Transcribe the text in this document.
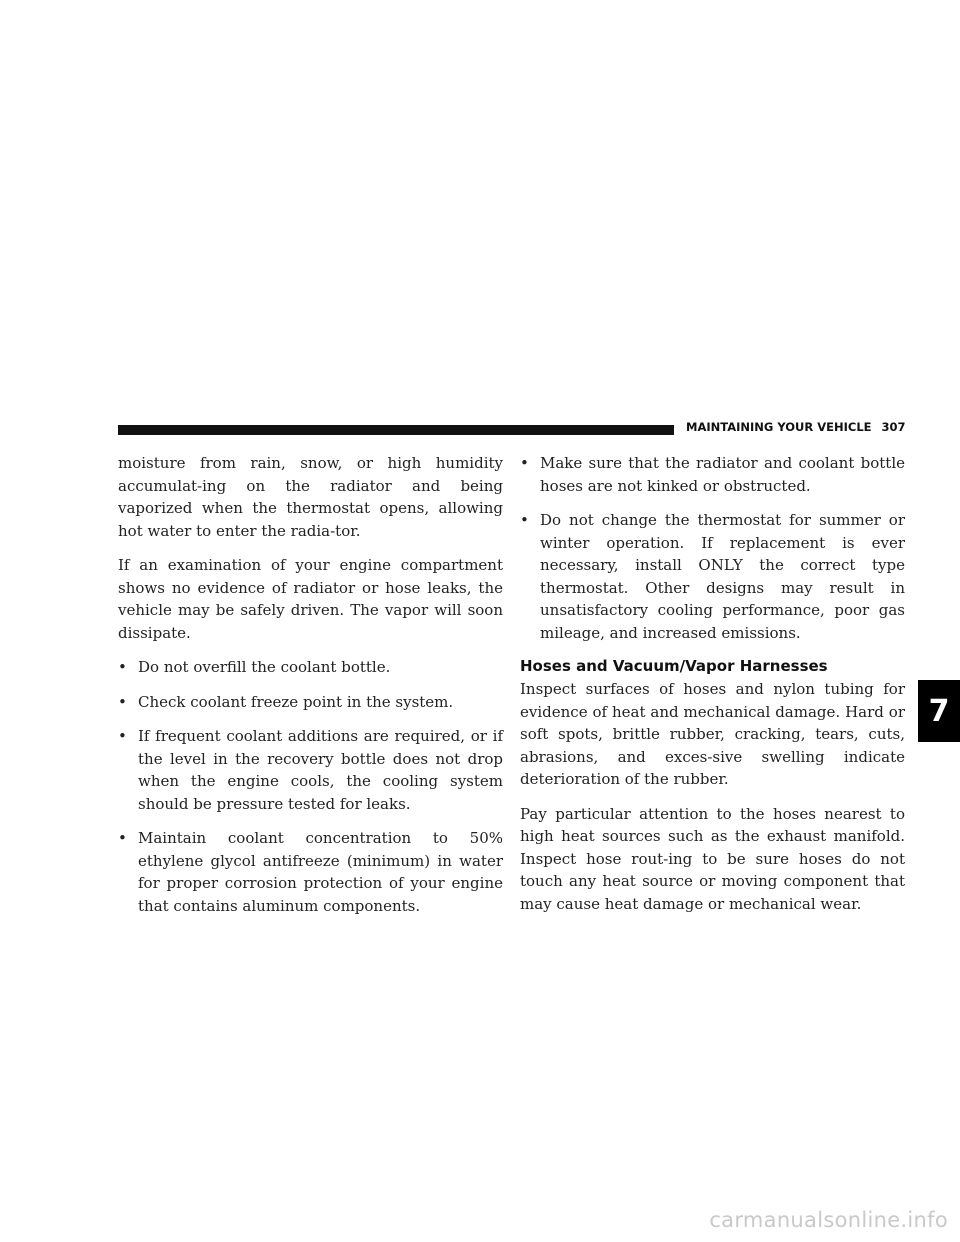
MAINTAINING YOUR VEHICLE 307

moisture from rain, snow, or high humidity accumulat-ing on the radiator and being vaporized when the thermostat opens, allowing hot water to enter the radia-tor.

If an examination of your engine compartment shows no evidence of radiator or hose leaks, the vehicle may be safely driven. The vapor will soon dissipate.

• Do not overfill the coolant bottle.
• Check coolant freeze point in the system.
• If frequent coolant additions are required, or if the level in the recovery bottle does not drop when the engine cools, the cooling system should be pressure tested for leaks.
• Maintain coolant concentration to 50% ethylene glycol antifreeze (minimum) in water for proper corrosion protection of your engine that contains aluminum components.
• Make sure that the radiator and coolant bottle hoses are not kinked or obstructed.
• Do not change the thermostat for summer or winter operation. If replacement is ever necessary, install ONLY the correct type thermostat. Other designs may result in unsatisfactory cooling performance, poor gas mileage, and increased emissions.
Hoses and Vacuum/Vapor Harnesses

Inspect surfaces of hoses and nylon tubing for evidence of heat and mechanical damage. Hard or soft spots, brittle rubber, cracking, tears, cuts, abrasions, and exces-sive swelling indicate deterioration of the rubber.

Pay particular attention to the hoses nearest to high heat sources such as the exhaust manifold. Inspect hose rout-ing to be sure hoses do not touch any heat source or moving component that may cause heat damage or mechanical wear.

7
carmanualsonline.info
